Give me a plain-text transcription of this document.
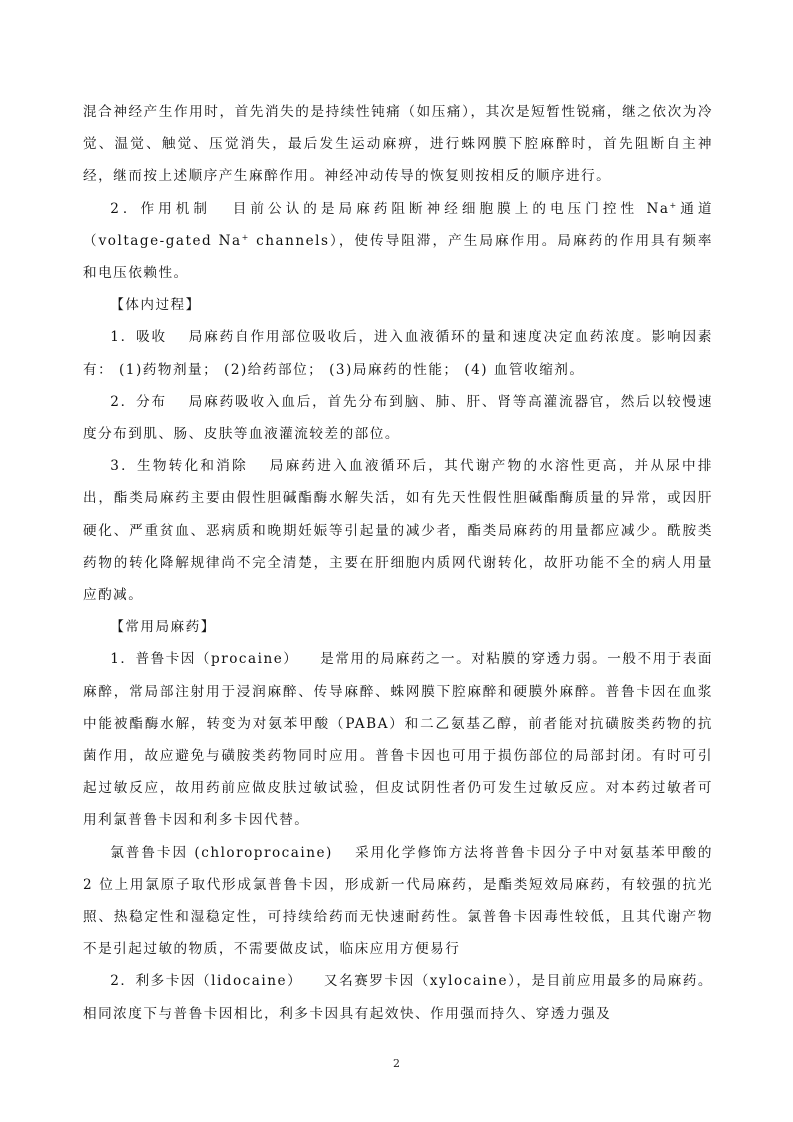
混合神经产生作用时，首先消失的是持续性钝痛（如压痛），其次是短暂性锐痛，继之依次为冷觉、温觉、触觉、压觉消失，最后发生运动麻痹，进行蛛网膜下腔麻醉时，首先阻断自主神经，继而按上述顺序产生麻醉作用。神经冲动传导的恢复则按相反的顺序进行。

2．作用机制 目前公认的是局麻药阻断神经细胞膜上的电压门控性 Na+通道（voltage-gated Na+ channels），使传导阻滞，产生局麻作用。局麻药的作用具有频率和电压依赖性。

【体内过程】

1．吸收 局麻药自作用部位吸收后，进入血液循环的量和速度决定血药浓度。影响因素有： (1)药物剂量； (2)给药部位； (3)局麻药的性能； (4) 血管收缩剂。

2．分布 局麻药吸收入血后，首先分布到脑、肺、肝、肾等高灌流器官，然后以较慢速度分布到肌、肠、皮肤等血液灌流较差的部位。

3．生物转化和消除 局麻药进入血液循环后，其代谢产物的水溶性更高，并从尿中排出，酯类局麻药主要由假性胆碱酯酶水解失活，如有先天性假性胆碱酯酶质量的异常，或因肝硬化、严重贫血、恶病质和晚期妊娠等引起量的减少者，酯类局麻药的用量都应减少。酰胺类药物的转化降解规律尚不完全清楚，主要在肝细胞内质网代谢转化，故肝功能不全的病人用量应酌减。

【常用局麻药】

1．普鲁卡因（procaine） 是常用的局麻药之一。对粘膜的穿透力弱。一般不用于表面麻醉，常局部注射用于浸润麻醉、传导麻醉、蛛网膜下腔麻醉和硬膜外麻醉。普鲁卡因在血浆中能被酯酶水解，转变为对氨苯甲酸（PABA）和二乙氨基乙醇，前者能对抗磺胺类药物的抗菌作用，故应避免与磺胺类药物同时应用。普鲁卡因也可用于损伤部位的局部封闭。有时可引起过敏反应，故用药前应做皮肤过敏试验，但皮试阴性者仍可发生过敏反应。对本药过敏者可用利氯普鲁卡因和利多卡因代替。

氯普鲁卡因 (chloroprocaine) 采用化学修饰方法将普鲁卡因分子中对氨基苯甲酸的 2 位上用氯原子取代形成氯普鲁卡因，形成新一代局麻药，是酯类短效局麻药，有较强的抗光照、热稳定性和湿稳定性，可持续给药而无快速耐药性。氯普鲁卡因毒性较低，且其代谢产物不是引起过敏的物质，不需要做皮试，临床应用方便易行

2．利多卡因（lidocaine） 又名赛罗卡因（xylocaine），是目前应用最多的局麻药。相同浓度下与普鲁卡因相比，利多卡因具有起效快、作用强而持久、穿透力强及

2
